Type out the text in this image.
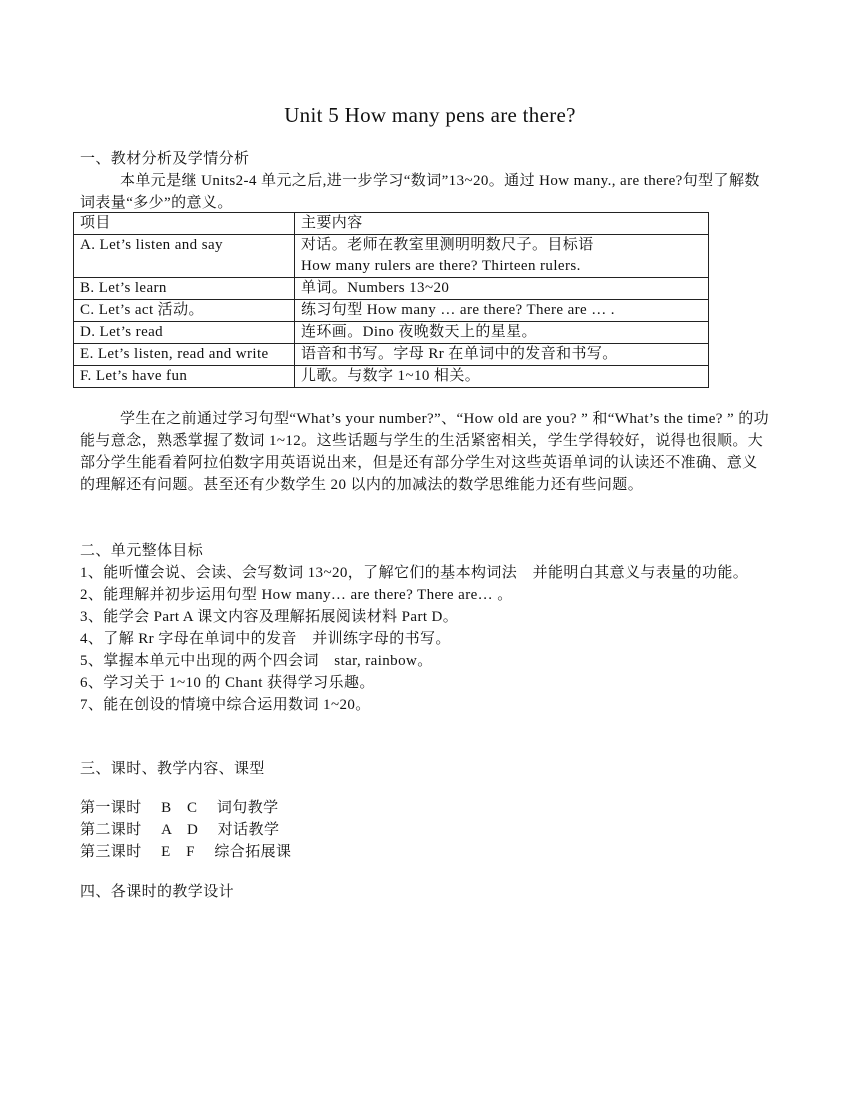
Unit 5 How many pens are there?
一、教材分析及学情分析
本单元是继 Units2-4 单元之后,进一步学习“数词”13~20。通过 How many., are there?句型了解数词表量“多少”的意义。
项目	主要内容
A. Let’s listen and say	对话。老师在教室里测明明数尺子。目标语
How many rulers are there? Thirteen rulers.

B. Let’s learn	单词。Numbers 13~20
C. Let’s act 活动。	练习句型 How many … are there? There are … .
D. Let’s read	连环画。Dino 夜晚数天上的星星。
E. Let’s listen, read and write	语音和书写。字母 Rr 在单词中的发音和书写。
F. Let’s have fun	儿歌。与数字 1~10 相关。
学生在之前通过学习句型“What’s your number?”、“How old are you? ” 和“What’s the time? ” 的功能与意念，熟悉掌握了数词 1~12。这些话题与学生的生活紧密相关，学生学得较好，说得也很顺。大部分学生能看着阿拉伯数字用英语说出来，但是还有部分学生对这些英语单词的认读还不准确、意义的理解还有问题。甚至还有少数学生 20 以内的加减法的数学思维能力还有些问题。
二、单元整体目标
1、能听懂会说、会读、会写数词 13~20，了解它们的基本构词法　并能明白其意义与表量的功能。
2、能理解并初步运用句型 How many… are there? There are… 。
3、能学会 Part A 课文内容及理解拓展阅读材料 Part D。
4、了解 Rr 字母在单词中的发音　并训练字母的书写。
5、掌握本单元中出现的两个四会词　star, rainbow。
6、学习关于 1~10 的 Chant 获得学习乐趣。
7、能在创设的情境中综合运用数词 1~20。
三、课时、教学内容、课型
第一课时　 B　C　 词句教学
第二课时　 A　D　 对话教学
第三课时　 E　F　 综合拓展课
四、各课时的教学设计
